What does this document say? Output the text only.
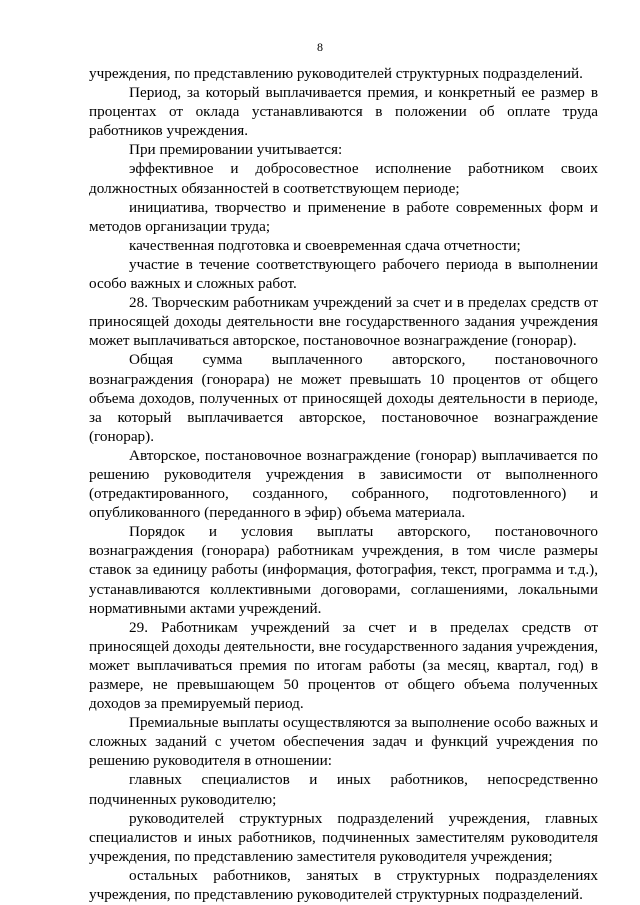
8

учреждения, по представлению руководителей структурных подразделений.

Период, за который выплачивается премия, и конкретный ее размер в процентах от оклада устанавливаются в положении об оплате труда работников учреждения.

При премировании учитывается:

эффективное и добросовестное исполнение работником своих должностных обязанностей в соответствующем периоде;

инициатива, творчество и применение в работе современных форм и методов организации труда;

качественная подготовка и своевременная сдача отчетности;

участие в течение соответствующего рабочего периода в выполнении особо важных и сложных работ.

28. Творческим работникам учреждений за счет и в пределах средств от приносящей доходы деятельности вне государственного задания учреждения может выплачиваться авторское, постановочное вознаграждение (гонорар).

Общая сумма выплаченного авторского, постановочного вознаграждения (гонорара) не может превышать 10 процентов от общего объема доходов, полученных от приносящей доходы деятельности в периоде, за который выплачивается авторское, постановочное вознаграждение (гонорар).

Авторское, постановочное вознаграждение (гонорар) выплачивается по решению руководителя учреждения в зависимости от выполненного (отредактированного, созданного, собранного, подготовленного) и опубликованного (переданного в эфир) объема материала.

Порядок и условия выплаты авторского, постановочного вознаграждения (гонорара) работникам учреждения, в том числе размеры ставок за единицу работы (информация, фотография, текст, программа и т.д.), устанавливаются коллективными договорами, соглашениями, локальными нормативными актами учреждений.

29. Работникам учреждений за счет и в пределах средств от приносящей доходы деятельности, вне государственного задания учреждения, может выплачиваться премия по итогам работы (за месяц, квартал, год) в размере, не превышающем 50 процентов от общего объема полученных доходов за премируемый период.

Премиальные выплаты осуществляются за выполнение особо важных и сложных заданий с учетом обеспечения задач и функций учреждения по решению руководителя в отношении:

главных специалистов и иных работников, непосредственно подчиненных руководителю;

руководителей структурных подразделений учреждения, главных специалистов и иных работников, подчиненных заместителям руководителя учреждения, по представлению заместителя руководителя учреждения;

остальных работников, занятых в структурных подразделениях учреждения, по представлению руководителей структурных подразделений.
